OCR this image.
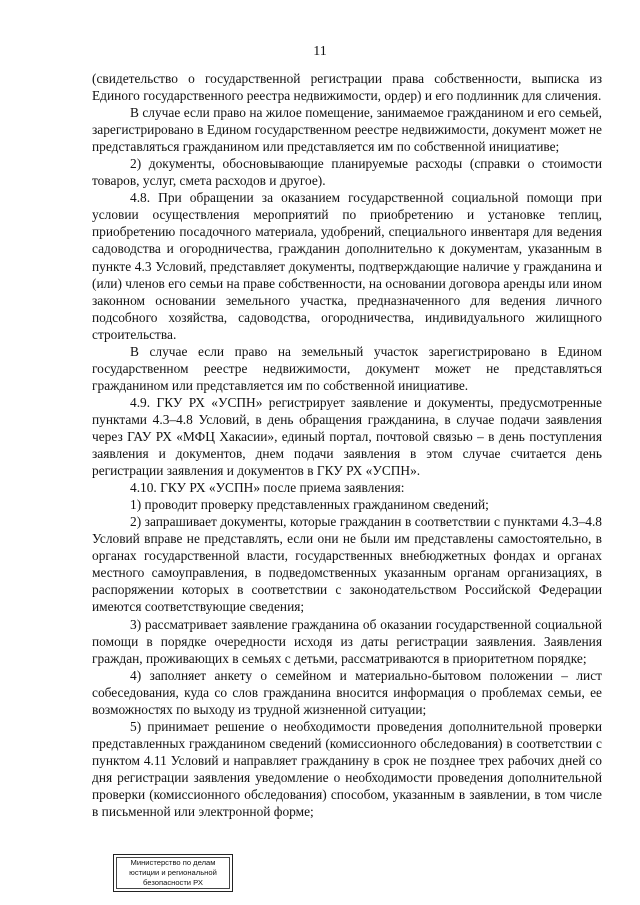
11

(свидетельство о государственной регистрации права собственности, выписка из Единого государственного реестра недвижимости, ордер) и его подлинник для сличения.

В случае если право на жилое помещение, занимаемое гражданином и его семьей, зарегистрировано в Едином государственном реестре недвижимости, документ может не представляться гражданином или представляется им по собственной инициативе;

2) документы, обосновывающие планируемые расходы (справки о стоимости товаров, услуг, смета расходов и другое).

4.8. При обращении за оказанием государственной социальной помощи при условии осуществления мероприятий по приобретению и установке теплиц, приобретению посадочного материала, удобрений, специального инвентаря для ведения садоводства и огородничества, гражданин дополнительно к документам, указанным в пункте 4.3 Условий, представляет документы, подтверждающие наличие у гражданина и (или) членов его семьи на праве собственности, на основании договора аренды или ином законном основании земельного участка, предназначенного для ведения личного подсобного хозяйства, садоводства, огородничества, индивидуального жилищного строительства.

В случае если право на земельный участок зарегистрировано в Едином государственном реестре недвижимости, документ может не представляться гражданином или представляется им по собственной инициативе.

4.9. ГКУ РХ «УСПН» регистрирует заявление и документы, предусмотренные пунктами 4.3–4.8 Условий, в день обращения гражданина, в случае подачи заявления через ГАУ РХ «МФЦ Хакасии», единый портал, почтовой связью – в день поступления заявления и документов, днем подачи заявления в этом случае считается день регистрации заявления и документов в ГКУ РХ «УСПН».

4.10. ГКУ РХ «УСПН» после приема заявления:

1) проводит проверку представленных гражданином сведений;

2) запрашивает документы, которые гражданин в соответствии с пунктами 4.3–4.8 Условий вправе не представлять, если они не были им представлены самостоятельно, в органах государственной власти, государственных внебюджетных фондах и органах местного самоуправления, в подведомственных указанным органам организациях, в распоряжении которых в соответствии с законодательством Российской Федерации имеются соответствующие сведения;

3) рассматривает заявление гражданина об оказании государственной социальной помощи в порядке очередности исходя из даты регистрации заявления. Заявления граждан, проживающих в семьях с детьми, рассматриваются в приоритетном порядке;

4) заполняет анкету о семейном и материально-бытовом положении – лист собеседования, куда со слов гражданина вносится информация о проблемах семьи, ее возможностях по выходу из трудной жизненной ситуации;

5) принимает решение о необходимости проведения дополнительной проверки представленных гражданином сведений (комиссионного обследования) в соответствии с пунктом 4.11 Условий и направляет гражданину в срок не позднее трех рабочих дней со дня регистрации заявления уведомление о необходимости проведения дополнительной проверки (комиссионного обследования) способом, указанным в заявлении, в том числе в письменной или электронной форме;

Министерство по делам
юстиции и региональной
безопасности РХ
